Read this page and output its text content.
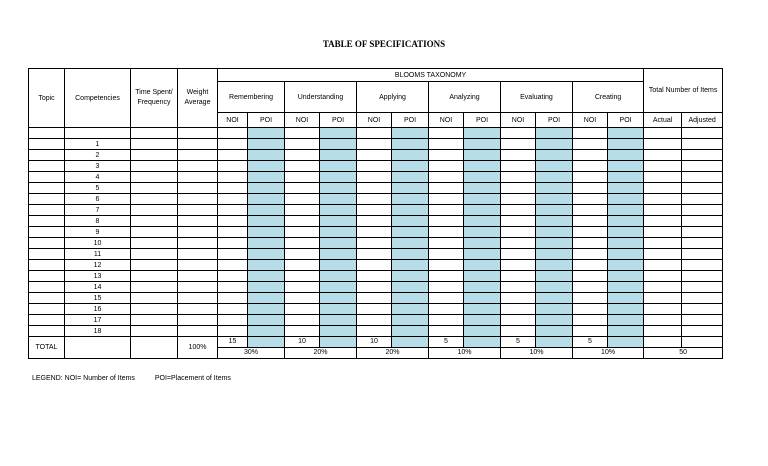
TABLE OF SPECIFICATIONS
Topic	Competencies	Time Spent/ Frequency	Weight Average	BLOOMS TAXONOMY												Total Number of Items	
				Remembering		Understanding		Applying		Analyzing		Evaluating		Creating			
				NOI	POI	NOI	POI	NOI	POI	NOI	POI	NOI	POI	NOI	POI	Actual	Adjusted

	1																
	2																
	3																
	4																
	5																
	6																
	7																
	8																
	9																
	10																
	11																
	12																
	13																
	14																
	15																
	16																
	17																
	18																
TOTAL			100%	15		10		10		5		5		5			
				30%		20%		20%		10%		10%		10%		50	
LEGEND: NOI= Number of Items	POI=Placement of Items
